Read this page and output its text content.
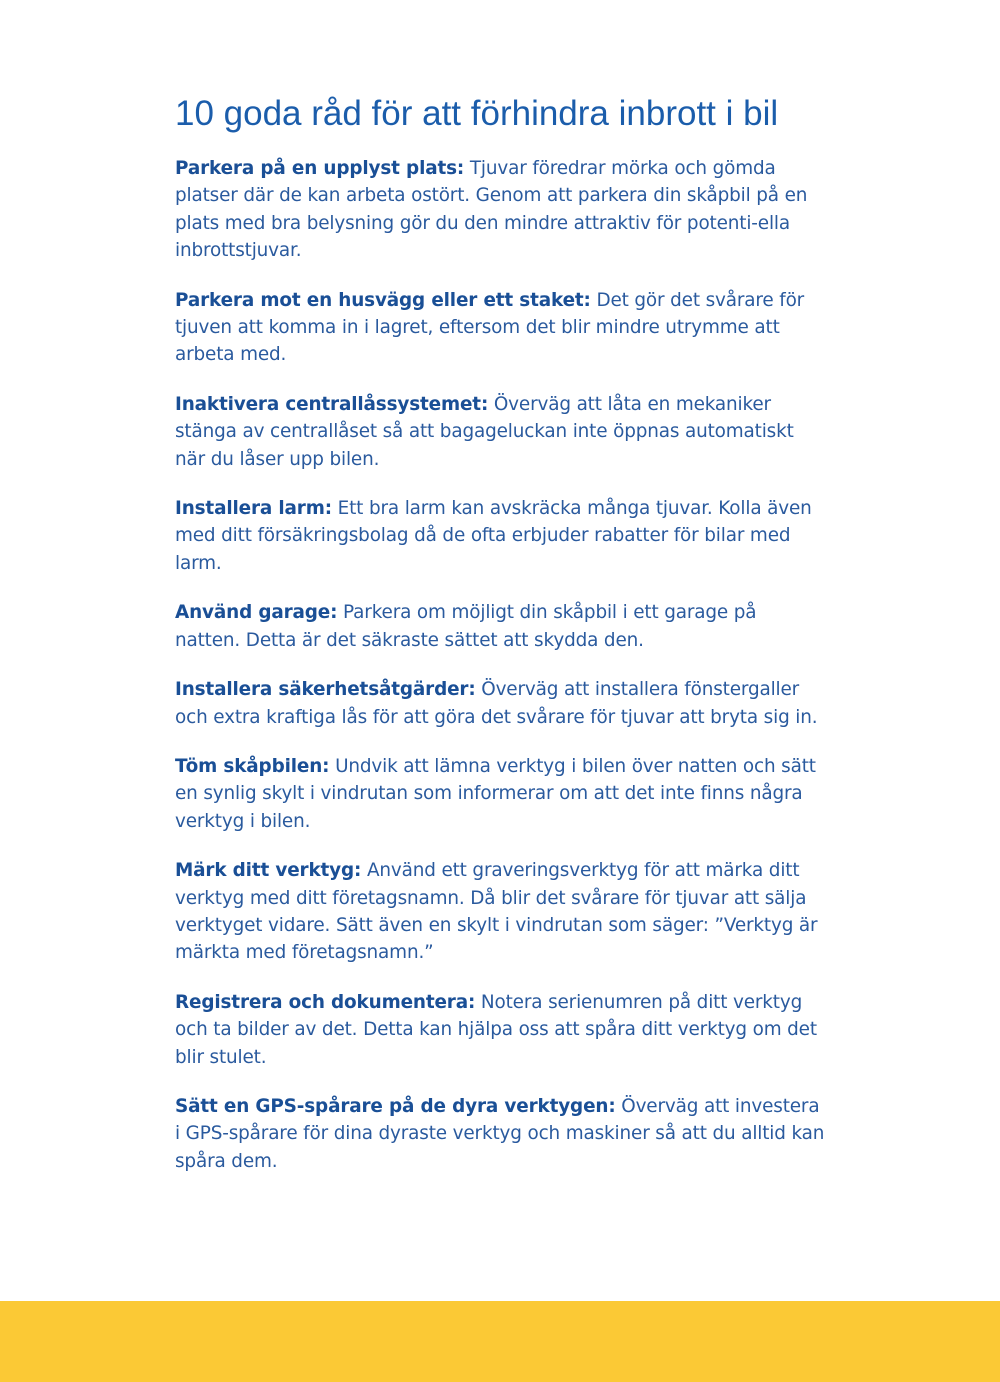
10 goda råd för att förhindra inbrott i bil
Parkera på en upplyst plats: Tjuvar föredrar mörka och gömda platser där de kan arbeta ostört. Genom att parkera din skåpbil på en plats med bra belysning gör du den mindre attraktiv för potenti-ella inbrottstjuvar.
Parkera mot en husvägg eller ett staket: Det gör det svårare för tjuven att komma in i lagret, eftersom det blir mindre utrymme att arbeta med.
Inaktivera centrallåssystemet: Överväg att låta en mekaniker stänga av centrallåset så att bagageluckan inte öppnas automatiskt när du låser upp bilen.
Installera larm: Ett bra larm kan avskräcka många tjuvar. Kolla även med ditt försäkringsbolag då de ofta erbjuder rabatter för bilar med larm.
Använd garage: Parkera om möjligt din skåpbil i ett garage på natten. Detta är det säkraste sättet att skydda den.
Installera säkerhetsåtgärder: Överväg att installera fönstergaller och extra kraftiga lås för att göra det svårare för tjuvar att bryta sig in.
Töm skåpbilen: Undvik att lämna verktyg i bilen över natten och sätt en synlig skylt i vindrutan som informerar om att det inte finns några verktyg i bilen.
Märk ditt verktyg: Använd ett graveringsverktyg för att märka ditt verktyg med ditt företagsnamn. Då blir det svårare för tjuvar att sälja verktyget vidare. Sätt även en skylt i vindrutan som säger: ”Verktyg är märkta med företagsnamn.”
Registrera och dokumentera: Notera serienumren på ditt verktyg och ta bilder av det. Detta kan hjälpa oss att spåra ditt verktyg om det blir stulet.
Sätt en GPS-spårare på de dyra verktygen: Överväg att investera i GPS-spårare för dina dyraste verktyg och maskiner så att du alltid kan spåra dem.
